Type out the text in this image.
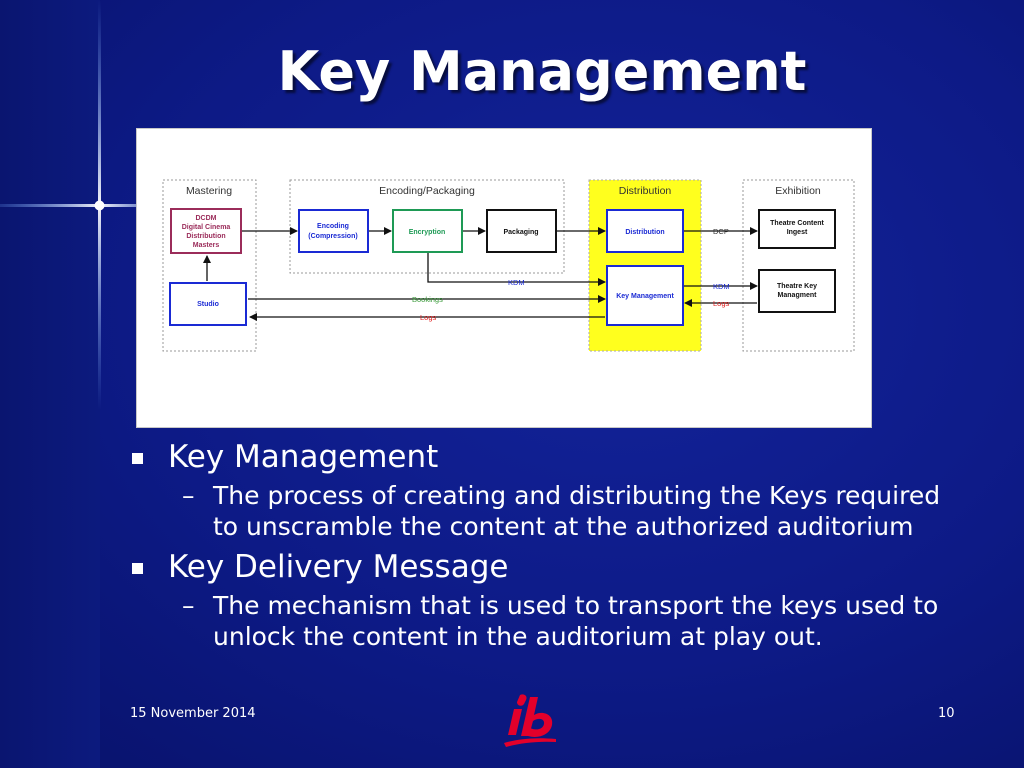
Key Management
Mastering	Encoding/Packaging	Distribution	Exhibition
DCP
KDM	KDM
Logs
Bookings
Logs
DCDM
Digital Cinema
Distribution
Masters
Encoding
(Compression)
Encryption	Packaging	Distribution
Key Management
Studio
Theatre Content
Ingest
Theatre Key
Managment
Key Management
– The process of creating and distributing the Keys required to unscramble the content at the authorized auditorium
Key Delivery Message
– The mechanism that is used to transport the keys used to unlock the content in the auditorium at play out.
15 November 2014	10
